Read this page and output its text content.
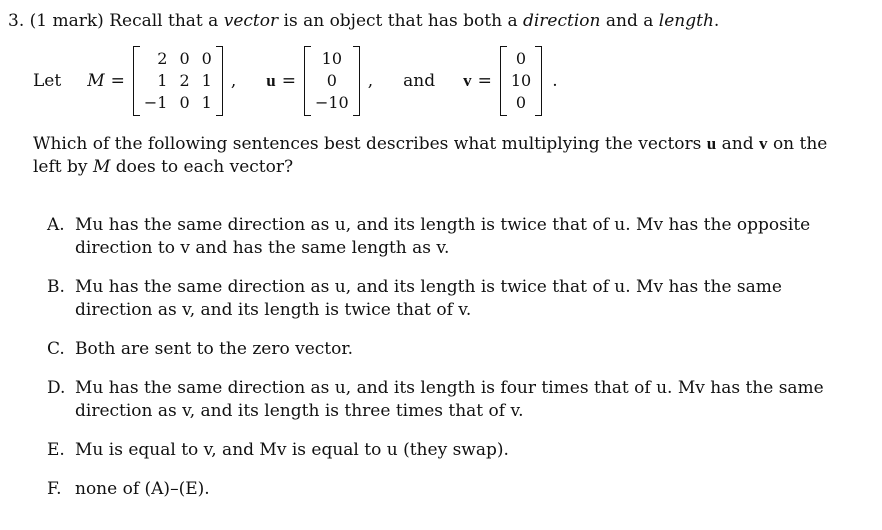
3. (1 mark) Recall that a vector is an object that has both a direction and a length.
Let M =
2 0 0
1 2 1
−1 0 1
, u =
10
0
−10
, and v =
0
10
0
.

Which of the following sentences best describes what multiplying the vectors u and v on the left by M does to each vector?

A. Mu has the same direction as u, and its length is twice that of u. Mv has the opposite direction to v and has the same length as v.
B. Mu has the same direction as u, and its length is twice that of u. Mv has the same direction as v, and its length is twice that of v.
C. Both are sent to the zero vector.
D. Mu has the same direction as u, and its length is four times that of u. Mv has the same direction as v, and its length is three times that of v.
E. Mu is equal to v, and Mv is equal to u (they swap).
F. none of (A)–(E).
